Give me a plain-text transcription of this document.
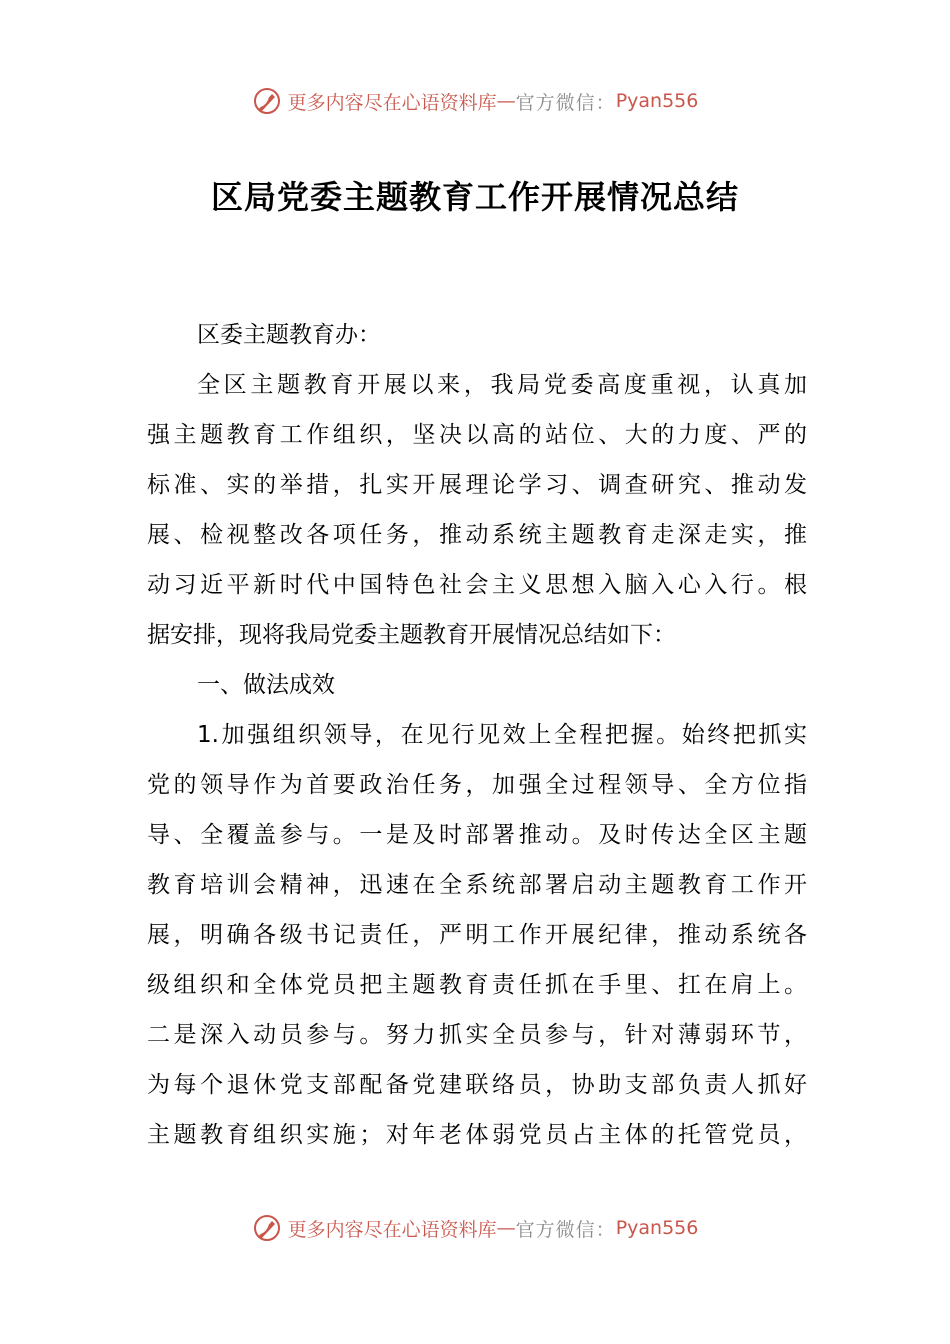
更多内容尽在心语资料库 — 官方微信： Pyan556
区局党委主题教育工作开展情况总结
区委主题教育办：
全区主题教育开展以来，我局党委高度重视，认真加
强主题教育工作组织，坚决以高的站位、大的力度、严的
标准、实的举措，扎实开展理论学习、调查研究、推动发
展、检视整改各项任务，推动系统主题教育走深走实，推
动习近平新时代中国特色社会主义思想入脑入心入行。根
据安排，现将我局党委主题教育开展情况总结如下：
一、做法成效
1.加强组织领导，在见行见效上全程把握。始终把抓实
党的领导作为首要政治任务，加强全过程领导、全方位指
导、全覆盖参与。一是及时部署推动。及时传达全区主题
教育培训会精神，迅速在全系统部署启动主题教育工作开
展，明确各级书记责任，严明工作开展纪律，推动系统各
级组织和全体党员把主题教育责任抓在手里、扛在肩上。
二是深入动员参与。努力抓实全员参与，针对薄弱环节，
为每个退休党支部配备党建联络员，协助支部负责人抓好
主题教育组织实施；对年老体弱党员占主体的托管党员，
更多内容尽在心语资料库 — 官方微信： Pyan556
